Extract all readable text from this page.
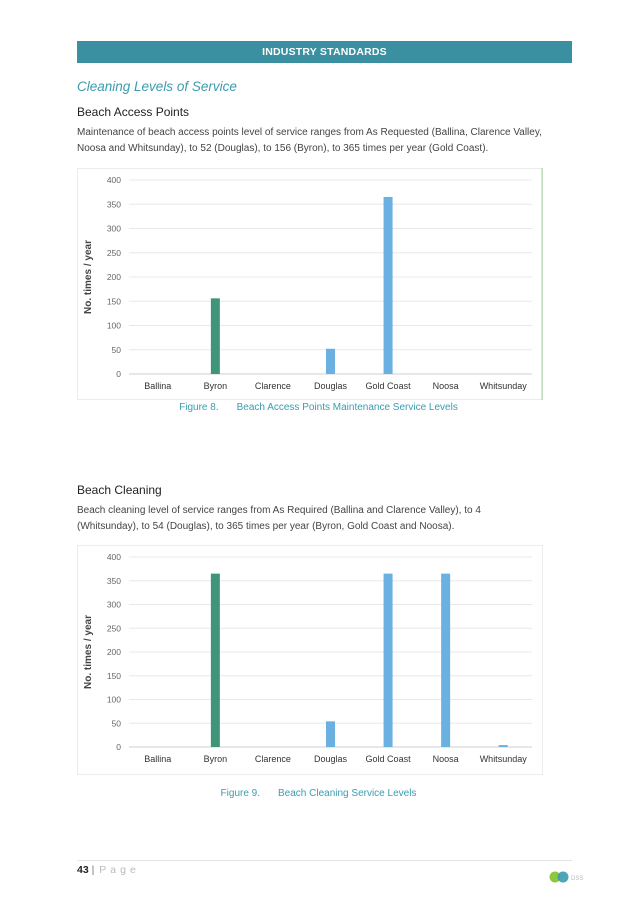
INDUSTRY STANDARDS
Cleaning Levels of Service
Beach Access Points
Maintenance of beach access points level of service ranges from As Requested (Ballina, Clarence Valley,
Noosa and Whitsunday), to 52 (Douglas), to 156 (Byron), to 365 times per year (Gold Coast).
0
50
100
150
200
250
300
350
400
No. times / year
Ballina	Byron	Clarence	Douglas Gold Coast Noosa Whitsunday
Figure 8. Beach Access Points Maintenance Service Levels
Beach Cleaning
Beach cleaning level of service ranges from As Required (Ballina and Clarence Valley), to 4
(Whitsunday), to 54 (Douglas), to 365 times per year (Byron, Gold Coast and Noosa).
0
50
100
150
200
250
300
350
400
No. times / year
Ballina	Byron	Clarence	Douglas Gold Coast Noosa Whitsunday
Figure 9. Beach Cleaning Service Levels
43 | Page
DSS
